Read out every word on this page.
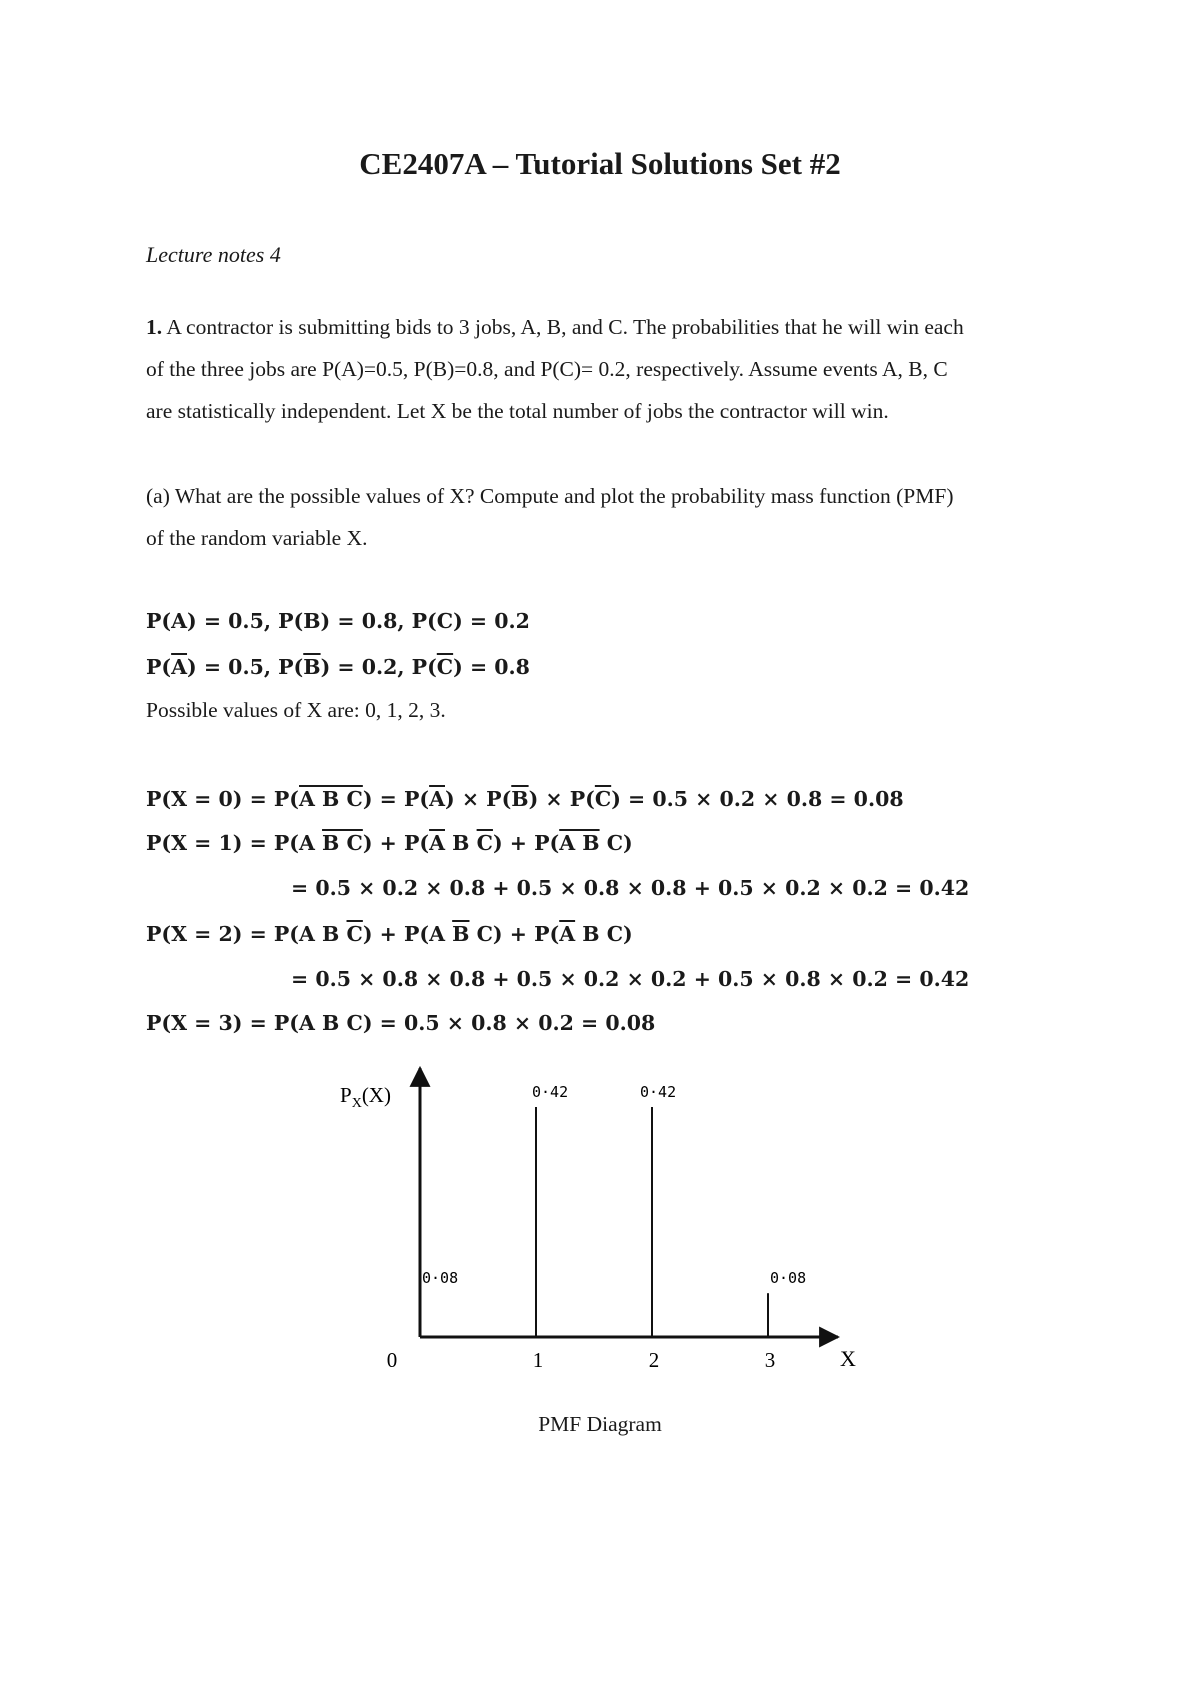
CE2407A – Tutorial Solutions Set #2
Lecture notes 4
1. A contractor is submitting bids to 3 jobs, A, B, and C. The probabilities that he will win each
of the three jobs are P(A)=0.5, P(B)=0.8, and P(C)= 0.2, respectively. Assume events A, B, C
are statistically independent. Let X be the total number of jobs the contractor will win.
(a) What are the possible values of X? Compute and plot the probability mass function (PMF)
of the random variable X.
P(A) = 0.5, P(B) = 0.8, P(C) = 0.2
$P(\overline{A}) = 0.5$, $P(\overline{B}) = 0.2$, $P(\overline{C}) = 0.8$
Possible values of X are: 0, 1, 2, 3.
P(X = 0) = P(A B $C) = P(\overline{A}) \times P(\overline{B}) \times P(\overline{C}) = 0.5 \times 0.2 \times 0.8 = 0.08$
P(X = 1) = P(A B $C) + P(\overline{A}$ B $\overline{C}) + P(A$ B C)
= 0.5 × 0.2 × 0.8 + 0.5 × 0.8 × 0.8 + 0.5 × 0.2 × 0.2 = 0.42
P(X = 2) = P(A B $\overline{C}) + P(A$ $\overline{B}$ $C) + P(\overline{A}$ B C)
= 0.5 × 0.8 × 0.8 + 0.5 × 0.2 × 0.2 + 0.5 × 0.8 × 0.2 = 0.42
P(X = 3) = P(A B C) = 0.5 × 0.8 × 0.2 = 0.08
$P_X(X)$
X
0·08
0
0·42
1
0·42
2
0·08
3
PMF Diagram
